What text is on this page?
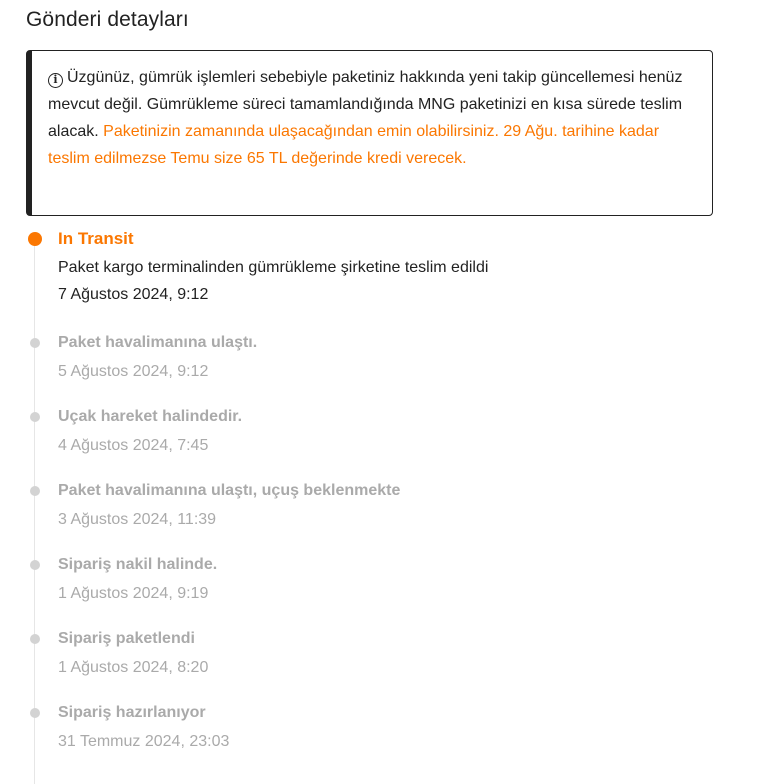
Gönderi detayları
i Üzgünüz, gümrük işlemleri sebebiyle paketiniz hakkında yeni takip güncellemesi henüz mevcut değil. Gümrükleme süreci tamamlandığında MNG paketinizi en kısa sürede teslim alacak. Paketinizin zamanında ulaşacağından emin olabilirsiniz. 29 Ağu. tarihine kadar teslim edilmezse Temu size 65 TL değerinde kredi verecek.
In Transit
Paket kargo terminalinden gümrükleme şirketine teslim edildi
7 Ağustos 2024, 9:12
Paket havalimanına ulaştı.
5 Ağustos 2024, 9:12
Uçak hareket halindedir.
4 Ağustos 2024, 7:45
Paket havalimanına ulaştı, uçuş beklenmekte
3 Ağustos 2024, 11:39
Sipariş nakil halinde.
1 Ağustos 2024, 9:19
Sipariş paketlendi
1 Ağustos 2024, 8:20
Sipariş hazırlanıyor
31 Temmuz 2024, 23:03
